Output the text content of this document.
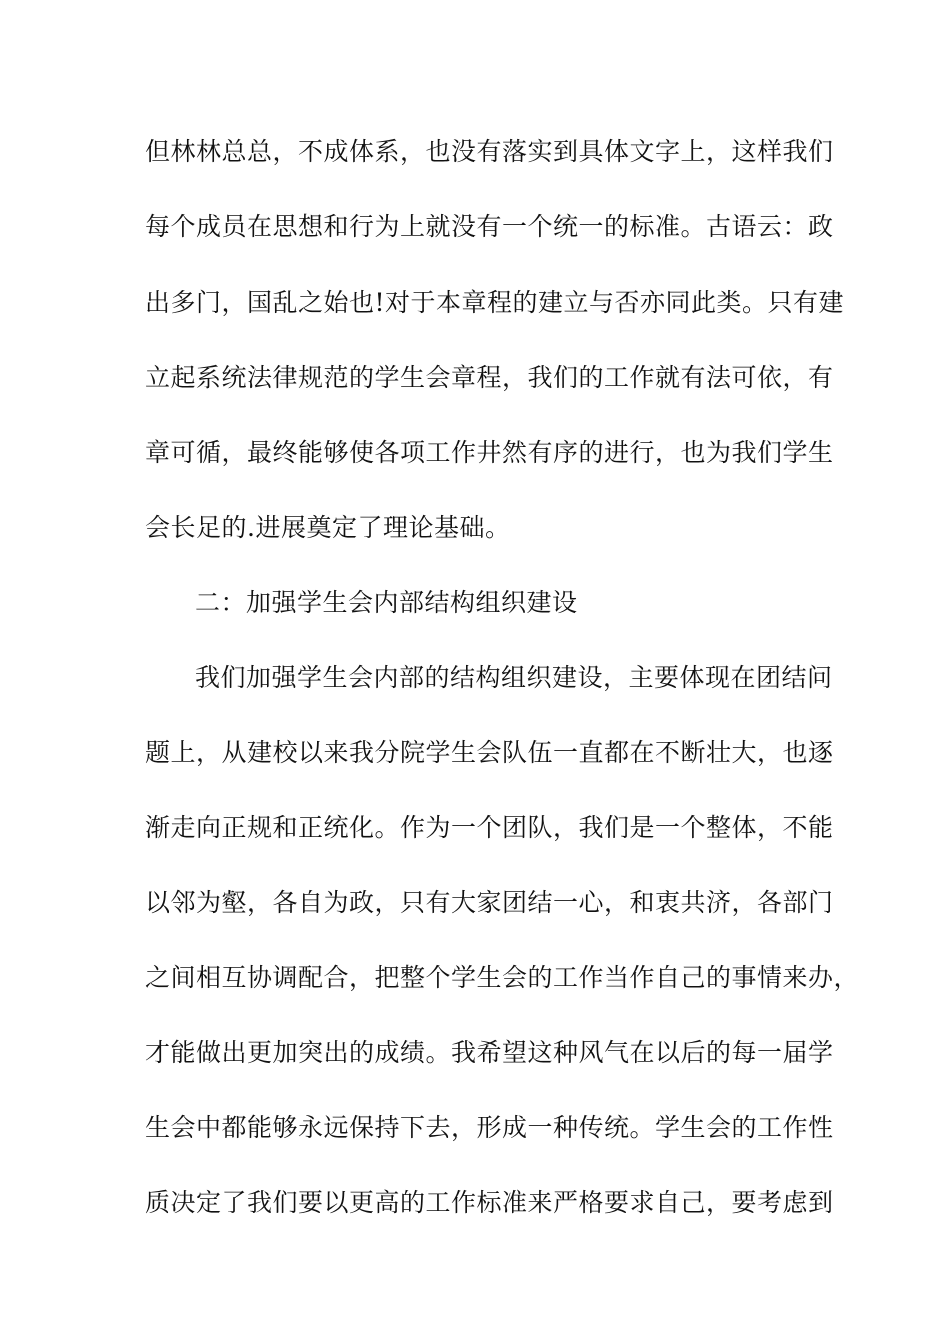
但林林总总，不成体系，也没有落实到具体文字上，这样我们
每个成员在思想和行为上就没有一个统一的标准。古语云：政
出多门，国乱之始也!对于本章程的建立与否亦同此类。只有建
立起系统法律规范的学生会章程，我们的工作就有法可依，有
章可循，最终能够使各项工作井然有序的进行，也为我们学生
会长足的.进展奠定了理论基础。
二：加强学生会内部结构组织建设
我们加强学生会内部的结构组织建设，主要体现在团结问
题上，从建校以来我分院学生会队伍一直都在不断壮大，也逐
渐走向正规和正统化。作为一个团队，我们是一个整体，不能
以邻为壑，各自为政，只有大家团结一心，和衷共济，各部门
之间相互协调配合，把整个学生会的工作当作自己的事情来办，
才能做出更加突出的成绩。我希望这种风气在以后的每一届学
生会中都能够永远保持下去，形成一种传统。学生会的工作性
质决定了我们要以更高的工作标准来严格要求自己，要考虑到
